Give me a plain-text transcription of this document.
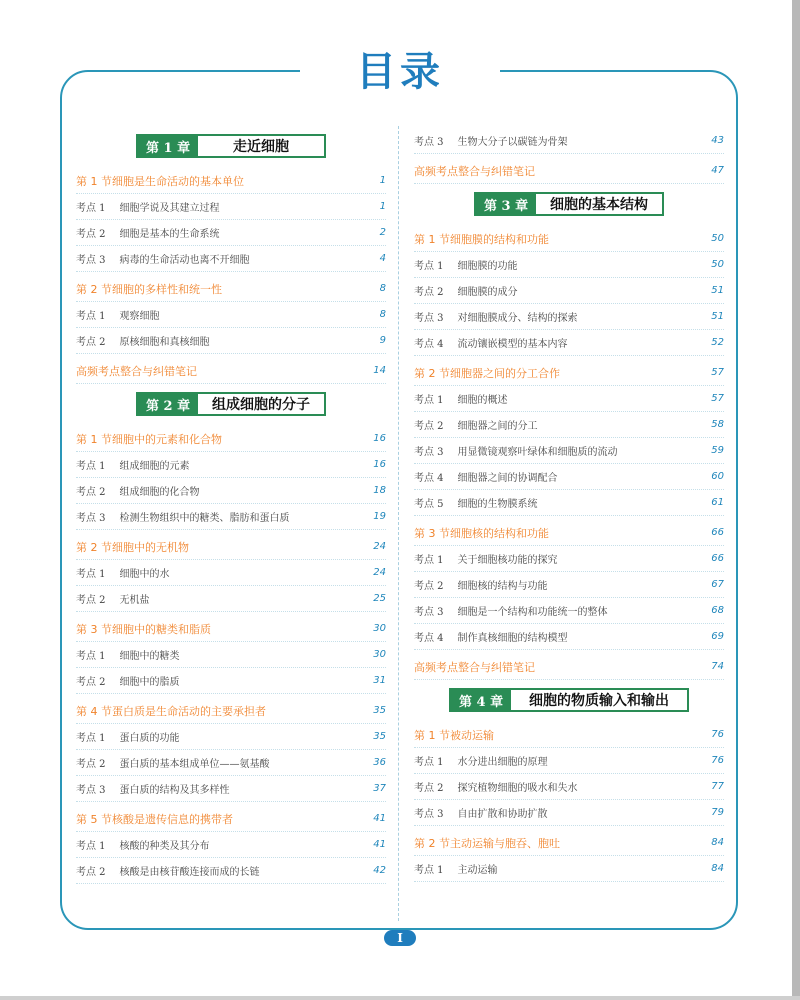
目录
第 1 章	走近细胞
第 1 节细胞是生命活动的基本单位	1
考点 1 细胞学说及其建立过程	1
考点 2 细胞是基本的生命系统	2
考点 3 病毒的生命活动也离不开细胞	4
第 2 节细胞的多样性和统一性	8
考点 1 观察细胞	8
考点 2 原核细胞和真核细胞	9
高频考点整合与纠错笔记	14
第 2 章	组成细胞的分子
第 1 节细胞中的元素和化合物	16
考点 1 组成细胞的元素	16
考点 2 组成细胞的化合物	18
考点 3 检测生物组织中的糖类、脂肪和蛋白质	19
第 2 节细胞中的无机物	24
考点 1 细胞中的水	24
考点 2 无机盐	25
第 3 节细胞中的糖类和脂质	30
考点 1 细胞中的糖类	30
考点 2 细胞中的脂质	31
第 4 节蛋白质是生命活动的主要承担者	35
考点 1 蛋白质的功能	35
考点 2 蛋白质的基本组成单位——氨基酸	36
考点 3 蛋白质的结构及其多样性	37
第 5 节核酸是遗传信息的携带者	41
考点 1 核酸的种类及其分布	41
考点 2 核酸是由核苷酸连接而成的长链	42
考点 3 生物大分子以碳链为骨架	43
高频考点整合与纠错笔记	47
第 3 章	细胞的基本结构
第 1 节细胞膜的结构和功能	50
考点 1 细胞膜的功能	50
考点 2 细胞膜的成分	51
考点 3 对细胞膜成分、结构的探索	51
考点 4 流动镶嵌模型的基本内容	52
第 2 节细胞器之间的分工合作	57
考点 1 细胞的概述	57
考点 2 细胞器之间的分工	58
考点 3 用显微镜观察叶绿体和细胞质的流动	59
考点 4 细胞器之间的协调配合	60
考点 5 细胞的生物膜系统	61
第 3 节细胞核的结构和功能	66
考点 1 关于细胞核功能的探究	66
考点 2 细胞核的结构与功能	67
考点 3 细胞是一个结构和功能统一的整体	68
考点 4 制作真核细胞的结构模型	69
高频考点整合与纠错笔记	74
第 4 章	细胞的物质输入和输出
第 1 节被动运输	76
考点 1 水分进出细胞的原理	76
考点 2 探究植物细胞的吸水和失水	77
考点 3 自由扩散和协助扩散	79
第 2 节主动运输与胞吞、胞吐	84
考点 1 主动运输	84
I
